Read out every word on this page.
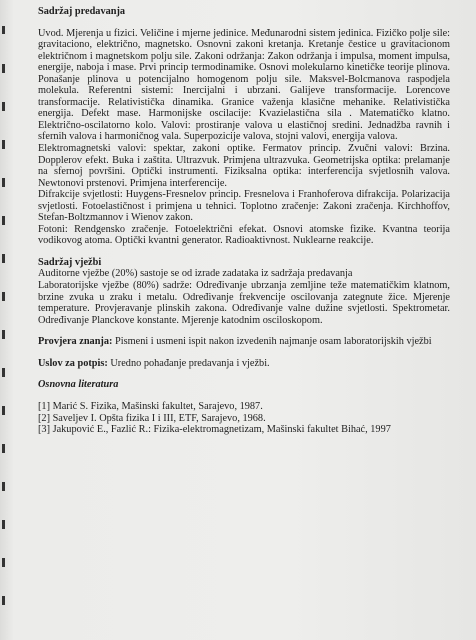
Sadržaj predavanja

Uvod. Mjerenja u fizici. Veličine i mjerne jedinice. Međunarodni sistem jedinica. Fizičko polje sile: gravitaciono, električno, magnetsko. Osnovni zakoni kretanja. Kretanje čestice u gravitacionom električnom i magnetskom polju sile. Zakoni održanja: Zakon održanja i impulsa, moment impulsa, energije, naboja i mase. Prvi princip termodinamike. Osnovi molekularno kinetičke teorije plinova. Ponašanje plinova u potencijalno homogenom polju sile. Maksvel-Bolcmanova raspodjela molekula. Referentni sistemi: Inercijalni i ubrzani. Galijeve transformacije. Lorencove transformacije. Relativistička dinamika. Granice važenja klasične mehanike. Relativistička energija. Defekt mase. Harmonijske oscilacije: Kvazielastična sila . Matematičko klatno. Električno-oscilatorno kolo. Valovi: prostiranje valova u elastičnoj sredini. Jednadžba ravnih i sfernih valova i harmoničnog vala. Superpozicije valova, stojni valovi, energija valova.

Elektromagnetski valovi: spektar, zakoni optike. Fermatov princip. Zvučni valovi: Brzina. Dopplerov efekt. Buka i zaštita. Ultrazvuk. Primjena ultrazvuka. Geometrijska optika: prelamanje na sfernoj površini. Optički instrumenti. Fiziksalna optika: interferencija svjetlosnih valova. Newtonovi prstenovi. Primjena interferencije.

Difrakcije svjetlosti: Huygens-Fresnelov princip. Fresnelova i Franhoferova difrakcija. Polarizacija svjetlosti. Fotoelastičnost i primjena u tehnici. Toplotno zračenje: Zakoni zračenja. Kirchhoffov, Stefan-Boltzmannov i Wienov zakon.

Fotoni: Rendgensko zračenje. Fotoelektrični efekat. Osnovi atomske fizike. Kvantna teorija vodikovog atoma. Optički kvantni generator. Radioaktivnost. Nuklearne reakcije.

Sadržaj vježbi

Auditorne vježbe (20%) sastoje se od izrade zadataka iz sadržaja predavanja

Laboratorijske vježbe (80%) sadrže: Određivanje ubrzanja zemljine teže matematičkim klatnom, brzine zvuka u zraku i metalu. Određivanje frekvencije oscilovanja zategnute žice. Mjerenje temperature. Provjeravanje plinskih zakona. Određivanje valne dužine svjetlosti. Spektrometar. Određivanje Planckove konstante. Mjerenje katodnim osciloskopom.

Provjera znanja: Pismeni i usmeni ispit nakon izvedenih najmanje osam laboratorijskih vježbi

Uslov za potpis: Uredno pohađanje predavanja i vježbi.

Osnovna literatura

[1] Marić S. Fizika, Mašinski fakultet, Sarajevo, 1987.

[2] Saveljev I. Opšta fizika I i III, ETF, Sarajevo, 1968.

[3] Jakupović E., Fazlić R.: Fizika-elektromagnetizam, Mašinski fakultet Bihać, 1997
